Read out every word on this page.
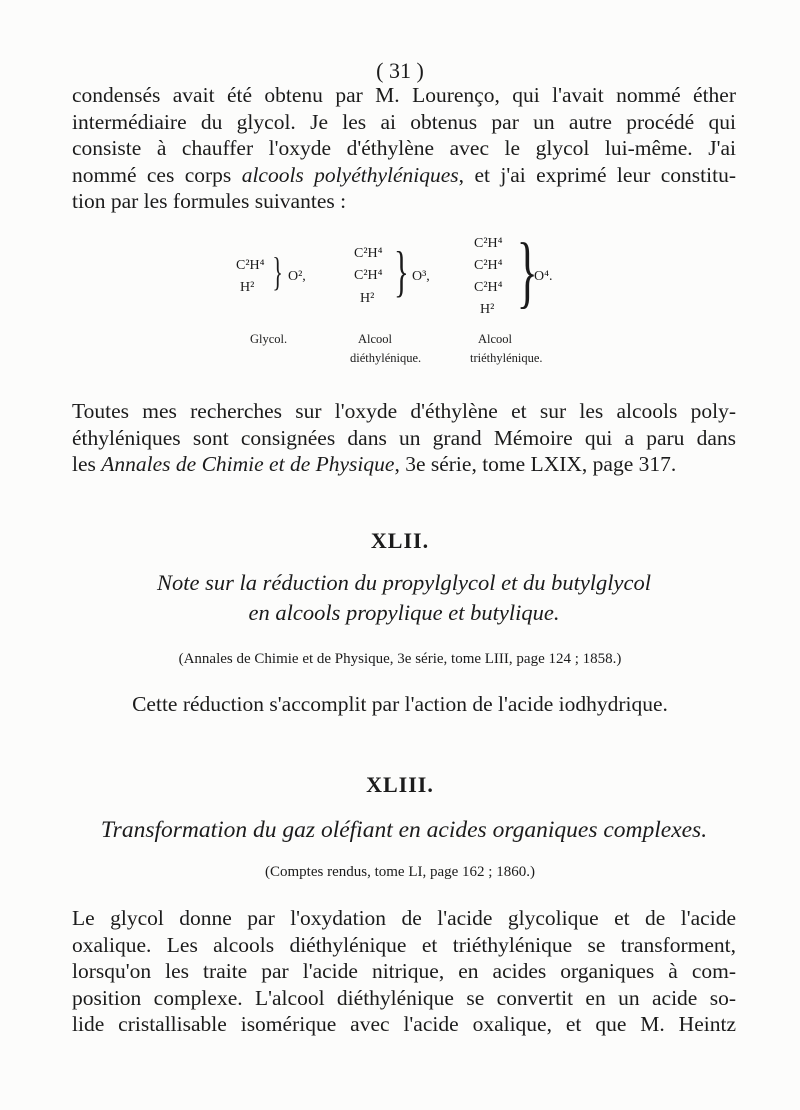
( 31 )
condensés avait été obtenu par M. Lourenço, qui l'avait nommé éther
intermédiaire du glycol. Je les ai obtenus par un autre procédé qui
consiste à chauffer l'oxyde d'éthylène avec le glycol lui-même. J'ai
nommé ces corps alcools polyéthyléniques, et j'ai exprimé leur constitu-
tion par les formules suivantes :
C²H⁴
H² } O²,
Glycol.
C²H⁴
C²H⁴
H² } O³,
Alcool
diéthylénique.
C²H⁴
C²H⁴
C²H⁴
H² }
O⁴.
Alcool
triéthylénique.
Toutes mes recherches sur l'oxyde d'éthylène et sur les alcools poly-
éthyléniques sont consignées dans un grand Mémoire qui a paru dans
les Annales de Chimie et de Physique, 3e série, tome LXIX, page 317.
XLII.
Note sur la réduction du propylglycol et du butylglycol
en alcools propylique et butylique.
(Annales de Chimie et de Physique, 3e série, tome LIII, page 124 ; 1858.)
Cette réduction s'accomplit par l'action de l'acide iodhydrique.
XLIII.
Transformation du gaz oléfiant en acides organiques complexes.
(Comptes rendus, tome LI, page 162 ; 1860.)
Le glycol donne par l'oxydation de l'acide glycolique et de l'acide
oxalique. Les alcools diéthylénique et triéthylénique se transforment,
lorsqu'on les traite par l'acide nitrique, en acides organiques à com-
position complexe. L'alcool diéthylénique se convertit en un acide so-
lide cristallisable isomérique avec l'acide oxalique, et que M. Heintz
